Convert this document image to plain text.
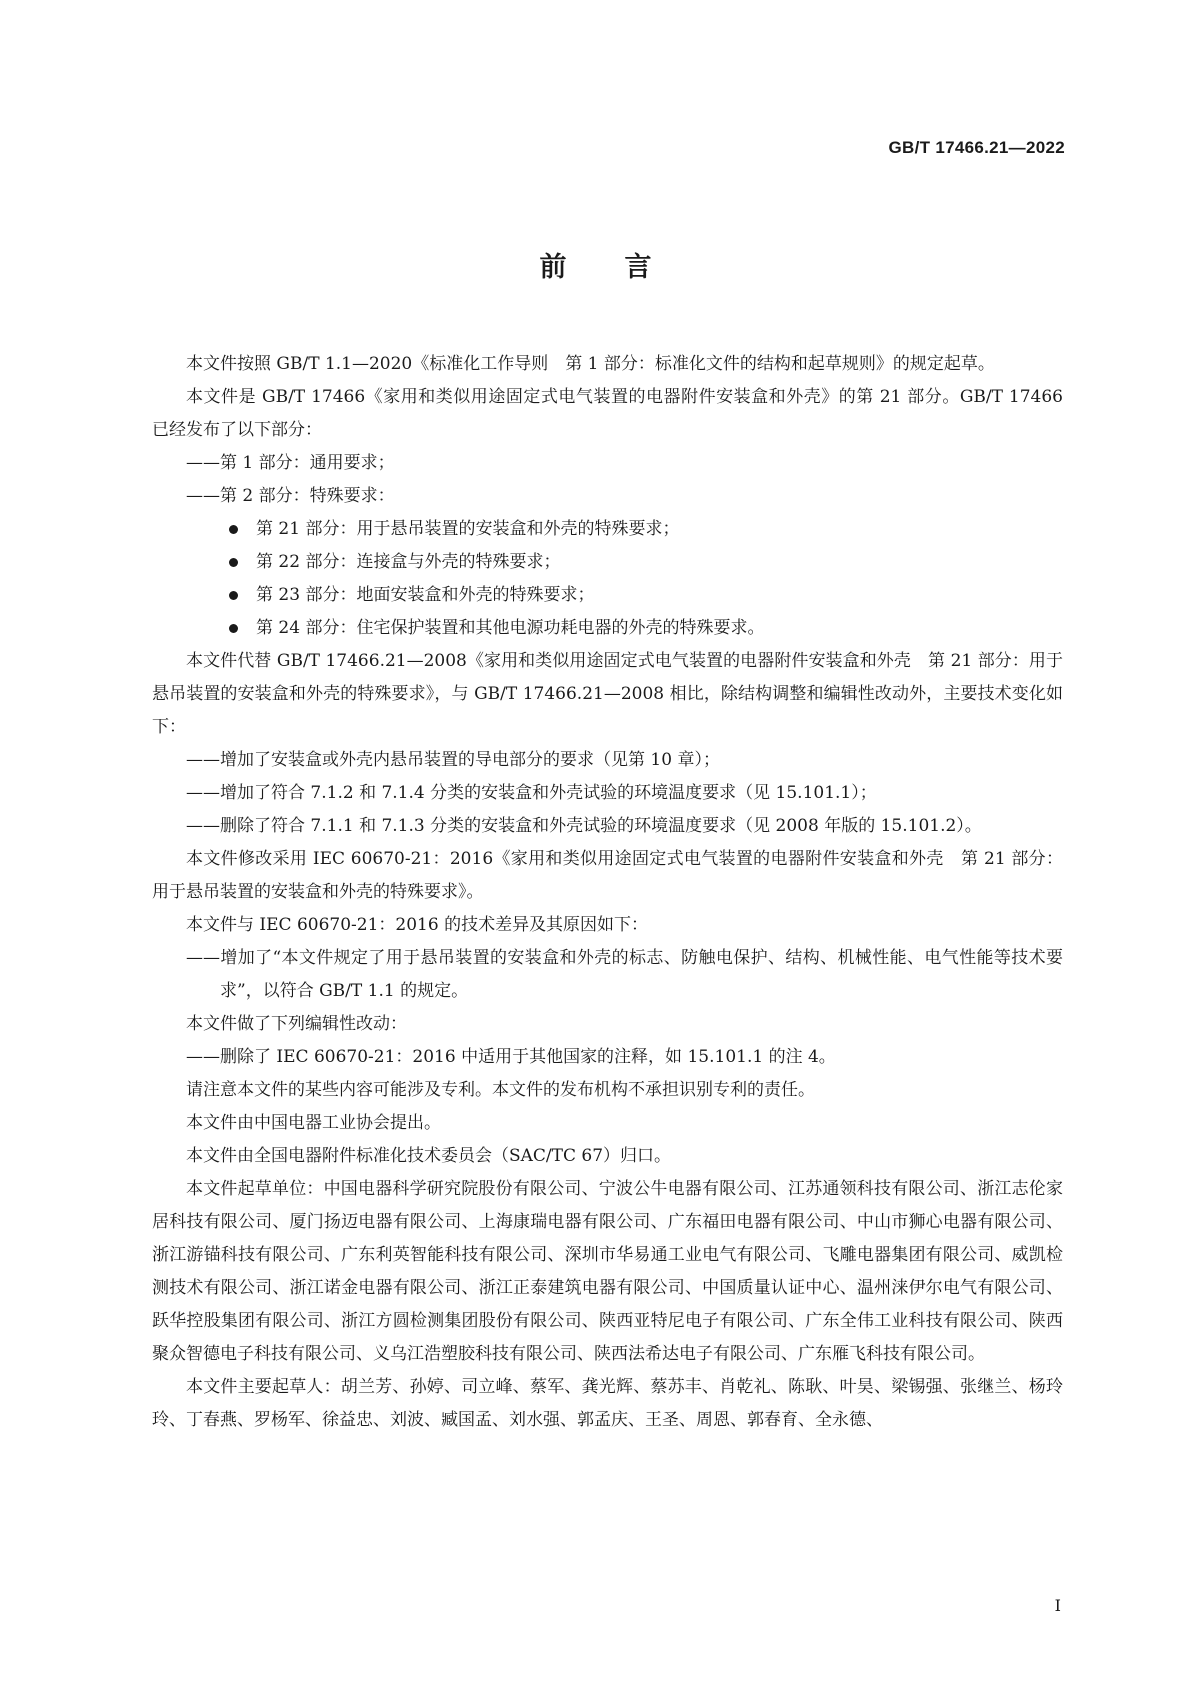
GB/T 17466.21—2022
前言

本文件按照 GB/T 1.1—2020《标准化工作导则　第 1 部分：标准化文件的结构和起草规则》的规定起草。

本文件是 GB/T 17466《家用和类似用途固定式电气装置的电器附件安装盒和外壳》的第 21 部分。GB/T 17466 已经发布了以下部分：

——第 1 部分：通用要求；

——第 2 部分：特殊要求：

第 21 部分：用于悬吊装置的安装盒和外壳的特殊要求；

第 22 部分：连接盒与外壳的特殊要求；

第 23 部分：地面安装盒和外壳的特殊要求；

第 24 部分：住宅保护装置和其他电源功耗电器的外壳的特殊要求。

本文件代替 GB/T 17466.21—2008《家用和类似用途固定式电气装置的电器附件安装盒和外壳　第 21 部分：用于悬吊装置的安装盒和外壳的特殊要求》，与 GB/T 17466.21—2008 相比，除结构调整和编辑性改动外，主要技术变化如下：

——增加了安装盒或外壳内悬吊装置的导电部分的要求（见第 10 章）；

——增加了符合 7.1.2 和 7.1.4 分类的安装盒和外壳试验的环境温度要求（见 15.101.1）；

——删除了符合 7.1.1 和 7.1.3 分类的安装盒和外壳试验的环境温度要求（见 2008 年版的 15.101.2）。

本文件修改采用 IEC 60670-21：2016《家用和类似用途固定式电气装置的电器附件安装盒和外壳　第 21 部分：用于悬吊装置的安装盒和外壳的特殊要求》。

本文件与 IEC 60670-21：2016 的技术差异及其原因如下：

——增加了“本文件规定了用于悬吊装置的安装盒和外壳的标志、防触电保护、结构、机械性能、电气性能等技术要求”，以符合 GB/T 1.1 的规定。

本文件做了下列编辑性改动：

——删除了 IEC 60670-21：2016 中适用于其他国家的注释，如 15.101.1 的注 4。

请注意本文件的某些内容可能涉及专利。本文件的发布机构不承担识别专利的责任。

本文件由中国电器工业协会提出。

本文件由全国电器附件标准化技术委员会（SAC/TC 67）归口。

本文件起草单位：中国电器科学研究院股份有限公司、宁波公牛电器有限公司、江苏通领科技有限公司、浙江志伦家居科技有限公司、厦门扬迈电器有限公司、上海康瑞电器有限公司、广东福田电器有限公司、中山市狮心电器有限公司、浙江游锚科技有限公司、广东利英智能科技有限公司、深圳市华易通工业电气有限公司、飞雕电器集团有限公司、威凯检测技术有限公司、浙江诺金电器有限公司、浙江正泰建筑电器有限公司、中国质量认证中心、温州涞伊尔电气有限公司、跃华控股集团有限公司、浙江方圆检测集团股份有限公司、陕西亚特尼电子有限公司、广东全伟工业科技有限公司、陕西聚众智德电子科技有限公司、义乌江浩塑胶科技有限公司、陕西法希达电子有限公司、广东雁飞科技有限公司。

本文件主要起草人：胡兰芳、孙婷、司立峰、蔡军、龚光辉、蔡苏丰、肖乾礼、陈耿、叶昊、梁锡强、张继兰、杨玲玲、丁春燕、罗杨军、徐益忠、刘波、臧国孟、刘水强、郭孟庆、王圣、周恩、郭春育、全永德、

I
